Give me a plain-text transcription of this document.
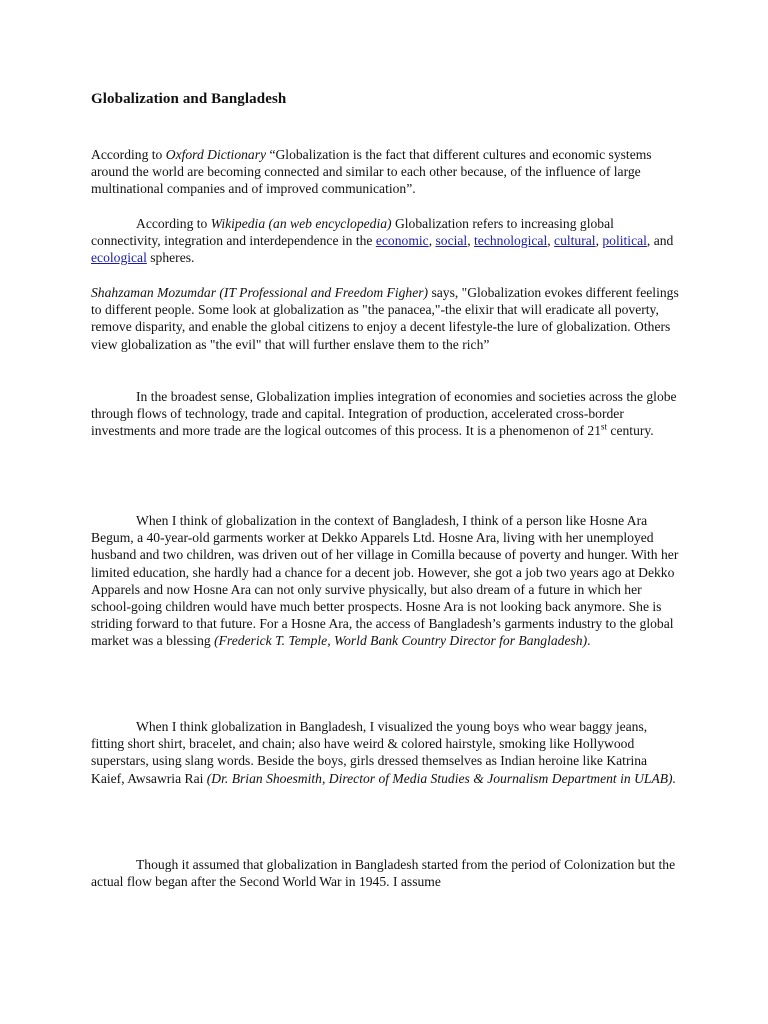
Globalization and Bangladesh

According to Oxford Dictionary “Globalization is the fact that different cultures and economic systems around the world are becoming connected and similar to each other because, of the influence of large multinational companies and of improved communication”.

According to Wikipedia (an web encyclopedia) Globalization refers to increasing global connectivity, integration and interdependence in the economic, social, technological, cultural, political, and ecological spheres.

Shahzaman Mozumdar (IT Professional and Freedom Figher) says, "Globalization evokes different feelings to different people. Some look at globalization as "the panacea,"-the elixir that will eradicate all poverty, remove disparity, and enable the global citizens to enjoy a decent lifestyle-the lure of globalization. Others view globalization as "the evil" that will further enslave them to the rich”

In the broadest sense, Globalization implies integration of economies and societies across the globe through flows of technology, trade and capital. Integration of production, accelerated cross-border investments and more trade are the logical outcomes of this process. It is a phenomenon of 21st century.

When I think of globalization in the context of Bangladesh, I think of a person like Hosne Ara Begum, a 40-year-old garments worker at Dekko Apparels Ltd. Hosne Ara, living with her unemployed husband and two children, was driven out of her village in Comilla because of poverty and hunger. With her limited education, she hardly had a chance for a decent job. However, she got a job two years ago at Dekko Apparels and now Hosne Ara can not only survive physically, but also dream of a future in which her school-going children would have much better prospects. Hosne Ara is not looking back anymore. She is striding forward to that future. For a Hosne Ara, the access of Bangladesh’s garments industry to the global market was a blessing (Frederick T. Temple, World Bank Country Director for Bangladesh).

When I think globalization in Bangladesh, I visualized the young boys who wear baggy jeans, fitting short shirt, bracelet, and chain; also have weird & colored hairstyle, smoking like Hollywood superstars, using slang words. Beside the boys, girls dressed themselves as Indian heroine like Katrina Kaief, Awsawria Rai (Dr. Brian Shoesmith, Director of Media Studies & Journalism Department in ULAB).

Though it assumed that globalization in Bangladesh started from the period of Colonization but the actual flow began after the Second World War in 1945. I assume
